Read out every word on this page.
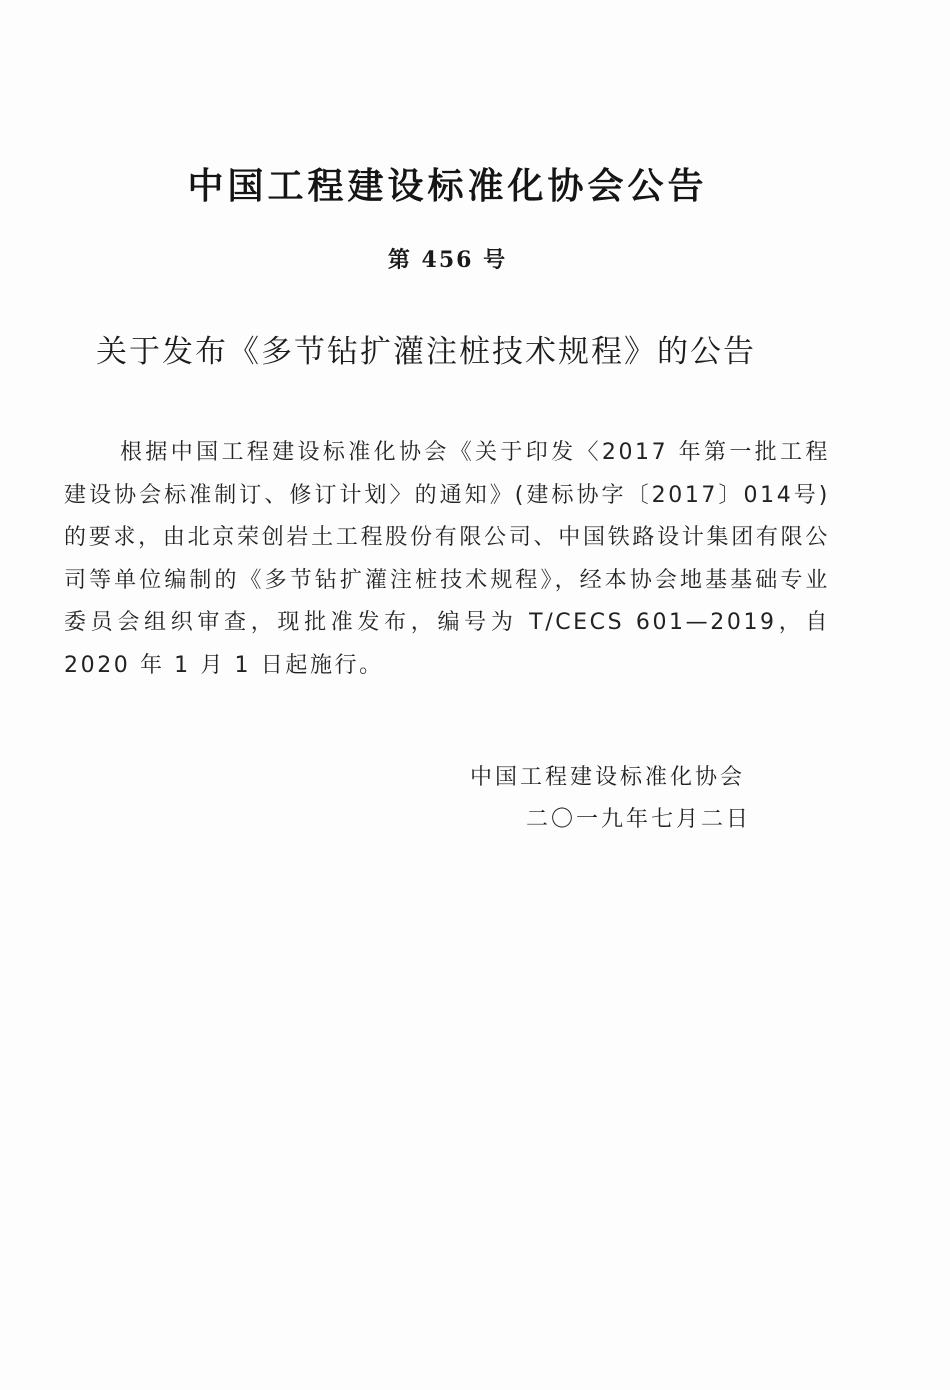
中国工程建设标准化协会公告
第 456 号
关于发布《多节钻扩灌注桩技术规程》的公告

根据中国工程建设标准化协会《关于印发〈2017 年第一批工程建设协会标准制订、修订计划〉的通知》(建标协字〔2017〕014号)的要求，由北京荣创岩土工程股份有限公司、中国铁路设计集团有限公司等单位编制的《多节钻扩灌注桩技术规程》，经本协会地基基础专业委员会组织审查，现批准发布，编号为 T/CECS 601—2019，自 2020 年 1 月 1 日起施行。

中国工程建设标准化协会
二〇一九年七月二日
